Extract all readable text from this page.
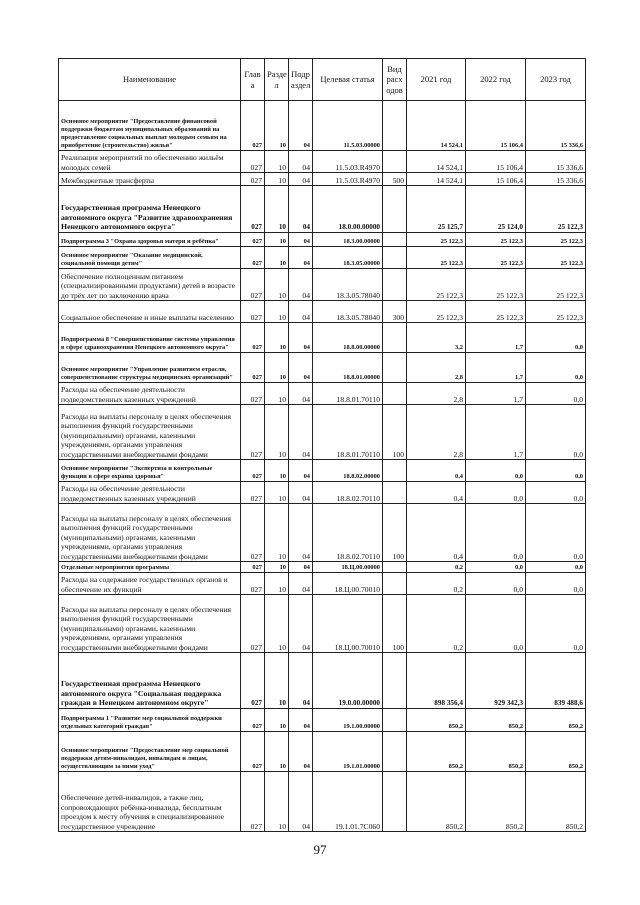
Наименование	Глав а	Разде л	Подр аздел	Целевая статья	Вид расх одов	2021 год	2022 год	2023 год
Основное мероприятие "Предоставление финансовой поддержки бюджетам муниципальных образований на предоставление социальных выплат молодым семьям на приобретение (строительство) жилья"	027	10	04	11.5.03.00000		14 524,1	15 106,4	15 336,6
Реализация мероприятий по обеспечению жильём молодых семей	027	10	04	11.5.03.R4970		14 524,1	15 106,4	15 336,6
Межбюджетные трансферты	027	10	04	11.5.03.R4970	500	14 524,1	15 106,4	15 336,6
Государственная программа Ненецкого автономного округа "Развитие здравоохранения Ненецкого автономного округа"	027	10	04	18.0.00.00000		25 125,7	25 124,0	25 122,3
Подпрограмма 3 "Охрана здоровья матери и ребёнка"	027	10	04	18.3.00.00000		25 122,3	25 122,3	25 122,3
Основное мероприятие "Оказание медицинской, социальной помощи детям"	027	10	04	18.3.05.00000		25 122,3	25 122,3	25 122,3
Обеспечение полноценным питанием (специализированными продуктами) детей в возрасте до трёх лет по заключению врача	027	10	04	18.3.05.78040		25 122,3	25 122,3	25 122,3
Социальное обеспечение и иные выплаты населению	027	10	04	18.3.05.78040	300	25 122,3	25 122,3	25 122,3
Подпрограмма 8 "Совершенствование системы управления в сфере здравоохранения Ненецкого автономного округа"	027	10	04	18.8.00.00000		3,2	1,7	0,0
Основное мероприятие "Управление развитием отрасли, совершенствование структуры медицинских организаций"	027	10	04	18.8.01.00000		2,8	1,7	0,0
Расходы на обеспечение деятельности подведомственных казенных учреждений	027	10	04	18.8.01.70110		2,8	1,7	0,0
Расходы на выплаты персоналу в целях обеспечения выполнения функций государственными (муниципальными) органами, казенными учреждениями, органами управления государственными внебюджетными фондами	027	10	04	18.8.01.70110	100	2,8	1,7	0,0
Основное мероприятие "Экспертиза и контрольные функции в сфере охраны здоровья"	027	10	04	18.8.02.00000		0,4	0,0	0,0
Расходы на обеспечение деятельности подведомственных казенных учреждений	027	10	04	18.8.02.70110		0,4	0,0	0,0
Расходы на выплаты персоналу в целях обеспечения выполнения функций государственными (муниципальными) органами, казенными учреждениями, органами управления государственными внебюджетными фондами	027	10	04	18.8.02.70110	100	0,4	0,0	0,0
Отдельные мероприятия программы	027	10	04	18.Ц.00.00000		0,2	0,0	0,0
Расходы на содержание государственных органов и обеспечение их функций	027	10	04	18.Ц.00.70010		0,2	0,0	0,0
Расходы на выплаты персоналу в целях обеспечения выполнения функций государственными (муниципальными) органами, казенными учреждениями, органами управления государственными внебюджетными фондами	027	10	04	18.Ц.00.70010	100	0,2	0,0	0,0
Государственная программа Ненецкого автономного округа "Социальная поддержка граждан в Ненецком автономном округе"	027	10	04	19.0.00.00000		898 356,4	929 342,3	839 488,6
Подпрограмма 1 "Развитие мер социальной поддержки отдельных категорий граждан"	027	10	04	19.1.00.00000		850,2	850,2	850,2
Основное мероприятие "Предоставление мер социальной поддержки детям-инвалидам, инвалидам и лицам, осуществляющим за ними уход"	027	10	04	19.1.01.00000		850,2	850,2	850,2
Обеспечение детей-инвалидов, а также лиц, сопровождающих ребёнка-инвалида, бесплатным проездом к месту обучения в специализированное государственное учреждение	027	10	04	19.1.01.7С060		850,2	850,2	850,2
97
